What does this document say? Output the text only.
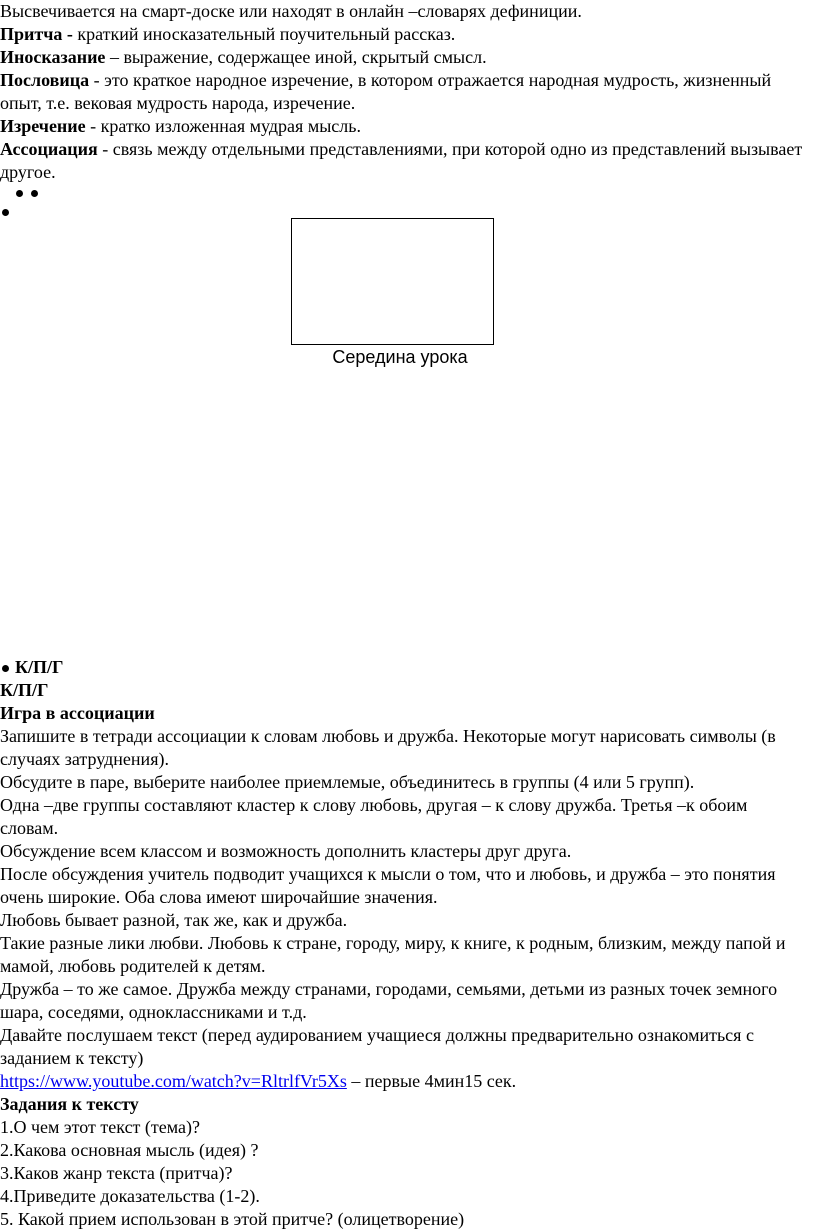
Высвечивается на смарт-доске или находят в онлайн –словарях дефиниции.

Притча - краткий иносказательный поучительный рассказ.

Иносказание – выражение, содержащее иной, скрытый смысл.

Пословица - это краткое народное изречение, в котором отражается народная мудрость, жизненный опыт, т.е. вековая мудрость народа, изречение.

Изречение - кратко изложенная мудрая мысль.

Ассоциация - связь между отдельными представлениями, при которой одно из представлений вызывает другое.

Середина урока

К/П/Г

К/П/Г

Игра в ассоциации

Запишите в тетради ассоциации к словам любовь и дружба. Некоторые могут нарисовать символы (в случаях затруднения).

Обсудите в паре, выберите наиболее приемлемые, объединитесь в группы (4 или 5 групп).

Одна –две группы составляют кластер к слову любовь, другая – к слову дружба. Третья –к обоим словам.

Обсуждение всем классом и возможность дополнить кластеры друг друга.

После обсуждения учитель подводит учащихся к мысли о том, что и любовь, и дружба – это понятия очень широкие. Оба слова имеют широчайшие значения.

Любовь бывает разной, так же, как и дружба.

Такие разные лики любви. Любовь к стране, городу, миру, к книге, к родным, близким, между папой и мамой, любовь родителей к детям.

Дружба – то же самое. Дружба между странами, городами, семьями, детьми из разных точек земного шара, соседями, одноклассниками и т.д.

Давайте послушаем текст (перед аудированием учащиеся должны предварительно ознакомиться с заданием к тексту)

https://www.youtube.com/watch?v=RltrlfVr5Xs – первые 4мин15 сек.

Задания к тексту

1.О чем этот текст (тема)?

2.Какова основная мысль (идея) ?

3.Каков жанр текста (притча)?

4.Приведите доказательства (1-2).

5. Какой прием использован в этой притче? (олицетворение)
